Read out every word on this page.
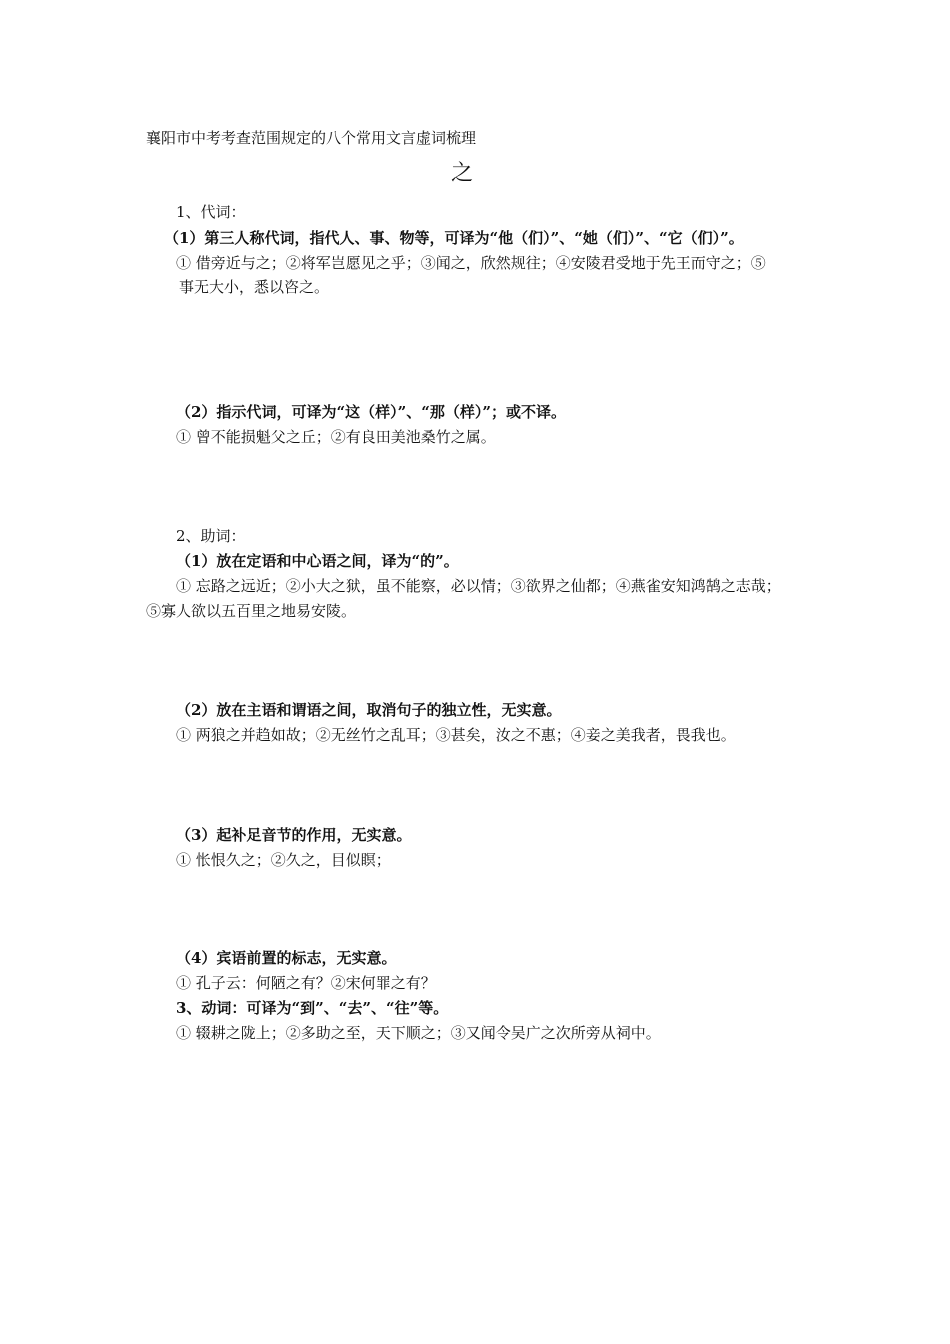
襄阳市中考考查范围规定的八个常用文言虚词梳理
之
1、代词：
（1）第三人称代词，指代人、事、物等，可译为“他（们）”、“她（们）”、“它（们）”。
① 借旁近与之；②将军岂愿见之乎；③闻之，欣然规往；④安陵君受地于先王而守之；⑤
事无大小，悉以咨之。
（2）指示代词，可译为“这（样）”、“那（样）”；或不译。
① 曾不能损魁父之丘；②有良田美池桑竹之属。
2、助词：
（1）放在定语和中心语之间，译为“的”。
① 忘路之远近；②小大之狱，虽不能察，必以情；③欲界之仙都；④燕雀安知鸿鹄之志哉；
⑤寡人欲以五百里之地易安陵。
（2）放在主语和谓语之间，取消句子的独立性，无实意。
① 两狼之并趋如故；②无丝竹之乱耳；③甚矣，汝之不惠；④妾之美我者，畏我也。
（3）起补足音节的作用，无实意。
① 怅恨久之；②久之，目似瞑；
（4）宾语前置的标志，无实意。
① 孔子云：何陋之有？②宋何罪之有？
3、动词：可译为“到”、“去”、“往”等。
① 辍耕之陇上；②多助之至，天下顺之；③又闻令吴广之次所旁从祠中。
